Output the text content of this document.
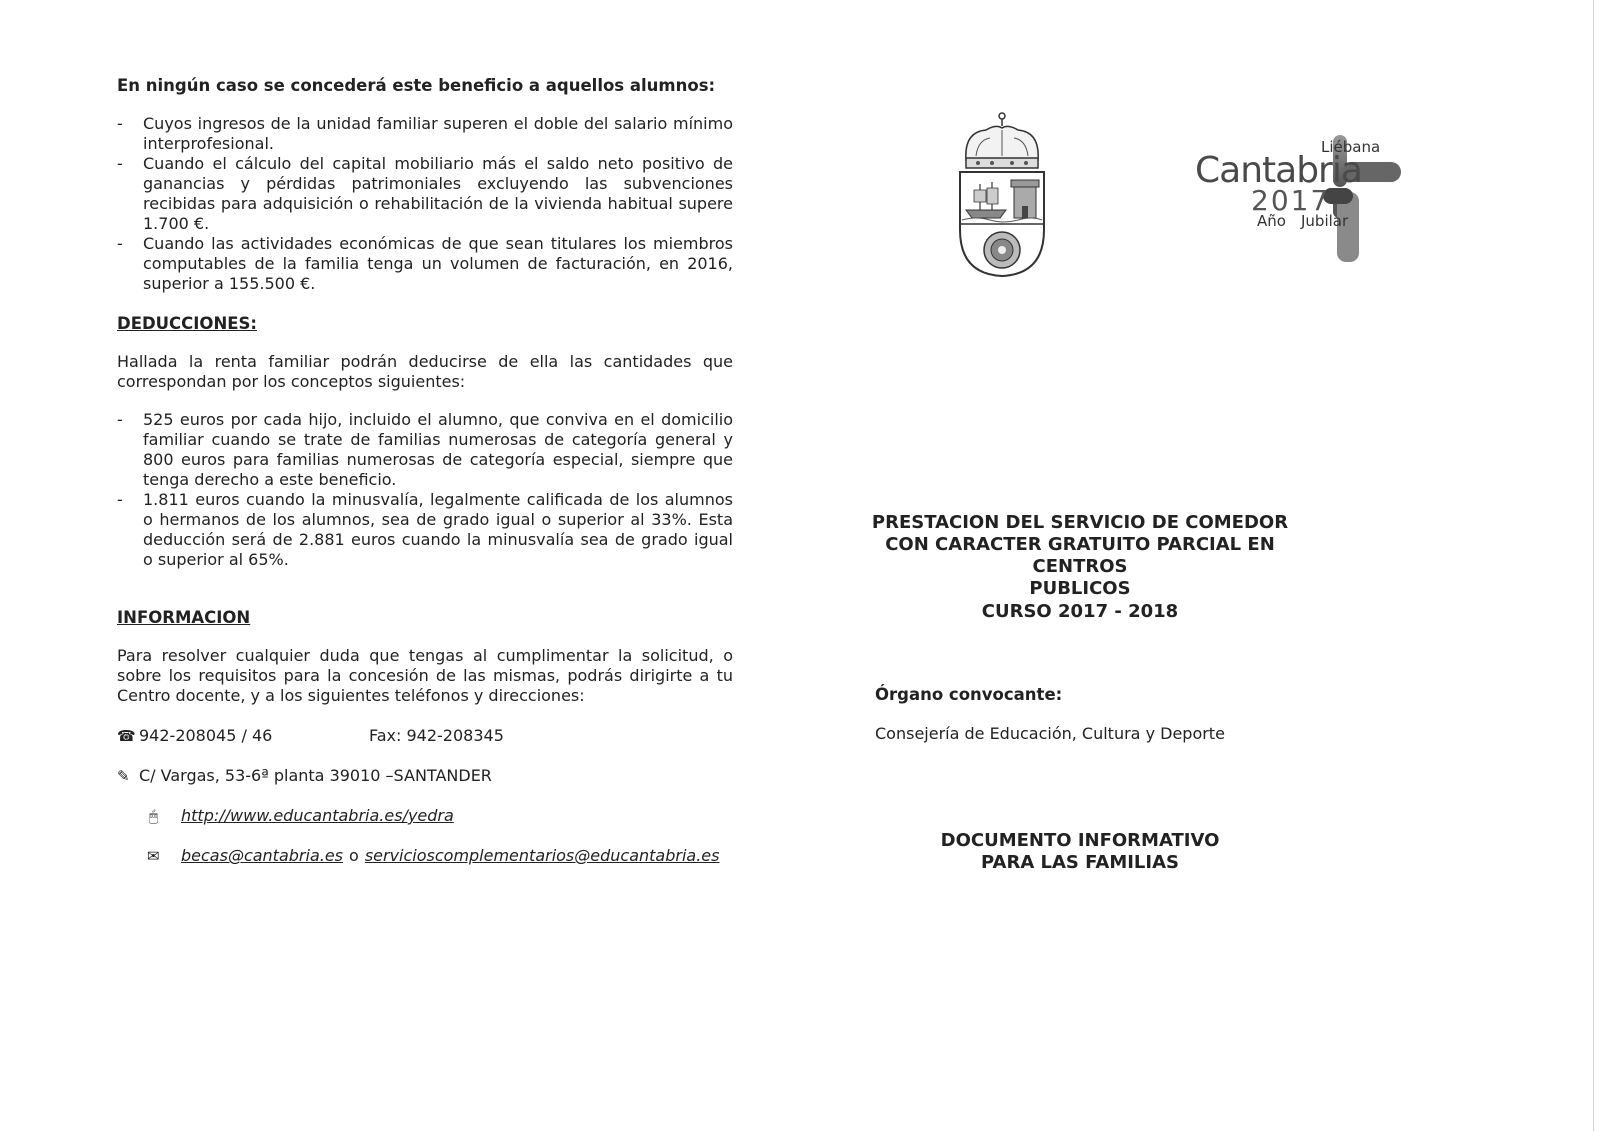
En ningún caso se concederá este beneficio a aquellos alumnos:

- Cuyos ingresos de la unidad familiar superen el doble del salario mínimo interprofesional.
- Cuando el cálculo del capital mobiliario más el saldo neto positivo de ganancias y pérdidas patrimoniales excluyendo las subvenciones recibidas para adquisición o rehabilitación de la vivienda habitual supere 1.700 €.
- Cuando las actividades económicas de que sean titulares los miembros computables de la familia tenga un volumen de facturación, en 2016, superior a 155.500 €.

DEDUCCIONES:

Hallada la renta familiar podrán deducirse de ella las cantidades que correspondan por los conceptos siguientes:

- 525 euros por cada hijo, incluido el alumno, que conviva en el domicilio familiar cuando se trate de familias numerosas de categoría general y 800 euros para familias numerosas de categoría especial, siempre que tenga derecho a este beneficio.
- 1.811 euros cuando la minusvalía, legalmente calificada de los alumnos o hermanos de los alumnos, sea de grado igual o superior al 33%. Esta deducción será de 2.881 euros cuando la minusvalía sea de grado igual o superior al 65%.

INFORMACION

Para resolver cualquier duda que tengas al cumplimentar la solicitud, o sobre los requisitos para la concesión de las mismas, podrás dirigirte a tu Centro docente, y a los siguientes teléfonos y direcciones:

☎ 942-208045 / 46	Fax: 942-208345
✎ C/ Vargas, 53-6ª planta 39010 –SANTANDER
🖱	http://www.educantabria.es/yedra
✉	becas@cantabria.es o servicioscomplementarios@educantabria.es
Liébana
Cantabria
2017
Año Jubilar
PRESTACION DEL SERVICIO DE COMEDOR
CON CARACTER GRATUITO PARCIAL EN CENTROS
PUBLICOS
CURSO 2017 - 2018
Órgano convocante:
Consejería de Educación, Cultura y Deporte
DOCUMENTO INFORMATIVO
PARA LAS FAMILIAS
